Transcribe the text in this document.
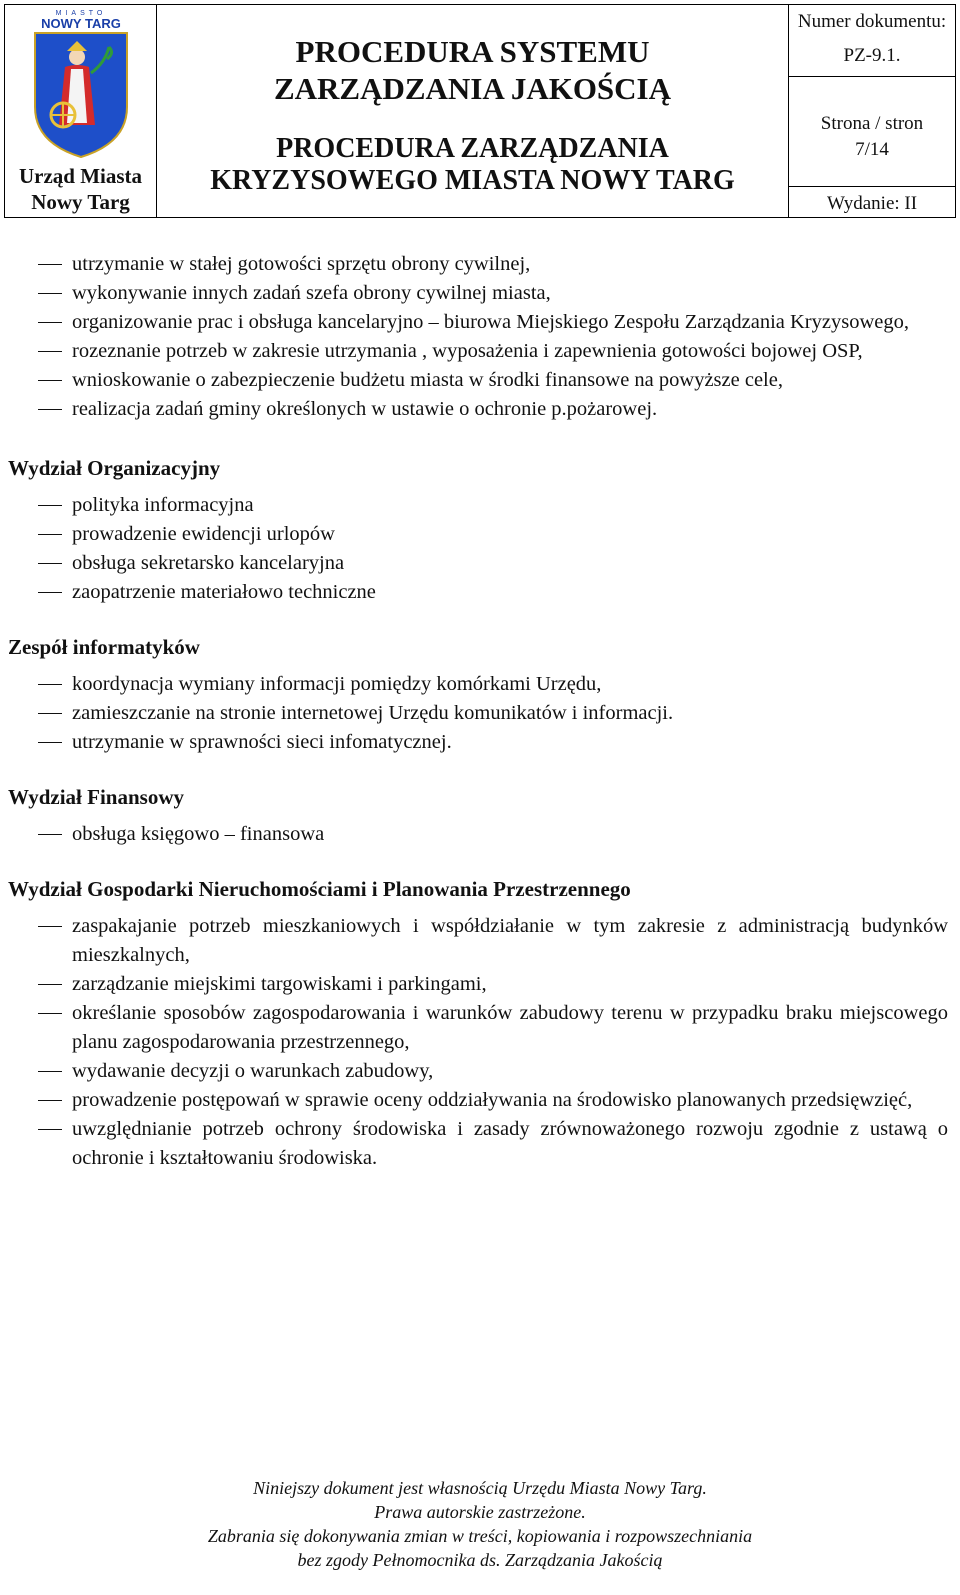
MIASTO
NOWY TARG
Urząd Miasta
Nowy Targ
PROCEDURA SYSTEMU
ZARZĄDZANIA JAKOŚCIĄ
PROCEDURA ZARZĄDZANIA
KRYZYSOWEGO MIASTA NOWY TARG
Numer dokumentu:
PZ-9.1.
Strona / stron
7/14
Wydanie: II
utrzymanie w stałej gotowości sprzętu obrony cywilnej,
wykonywanie innych zadań szefa obrony cywilnej miasta,
organizowanie prac i obsługa kancelaryjno – biurowa Miejskiego Zespołu Zarządzania Kryzysowego,
rozeznanie potrzeb w zakresie utrzymania , wyposażenia i zapewnienia gotowości bojowej OSP,
wnioskowanie o zabezpieczenie budżetu miasta w środki finansowe na powyższe cele,
realizacja zadań gminy określonych w ustawie o ochronie p.pożarowej.
Wydział Organizacyjny
polityka informacyjna
prowadzenie ewidencji urlopów
obsługa sekretarsko kancelaryjna
zaopatrzenie materiałowo techniczne
Zespół informatyków
koordynacja wymiany informacji pomiędzy komórkami Urzędu,
zamieszczanie na stronie internetowej Urzędu komunikatów i informacji.
utrzymanie w sprawności sieci infomatycznej.
Wydział Finansowy
obsługa księgowo – finansowa
Wydział Gospodarki Nieruchomościami i Planowania Przestrzennego
zaspakajanie potrzeb mieszkaniowych i współdziałanie w tym zakresie z administracją budynków mieszkalnych,
zarządzanie miejskimi targowiskami i parkingami,
określanie sposobów zagospodarowania i warunków zabudowy terenu w przypadku braku miejscowego planu zagospodarowania przestrzennego,
wydawanie decyzji o warunkach zabudowy,
prowadzenie postępowań w sprawie oceny oddziaływania na środowisko planowanych przedsięwzięć,
uwzględnianie potrzeb ochrony środowiska i zasady zrównoważonego rozwoju zgodnie z ustawą o ochronie i kształtowaniu środowiska.
Niniejszy dokument jest własnością Urzędu Miasta Nowy Targ.
Prawa autorskie zastrzeżone.
Zabrania się dokonywania zmian w treści, kopiowania i rozpowszechniania
bez zgody Pełnomocnika ds. Zarządzania Jakością
